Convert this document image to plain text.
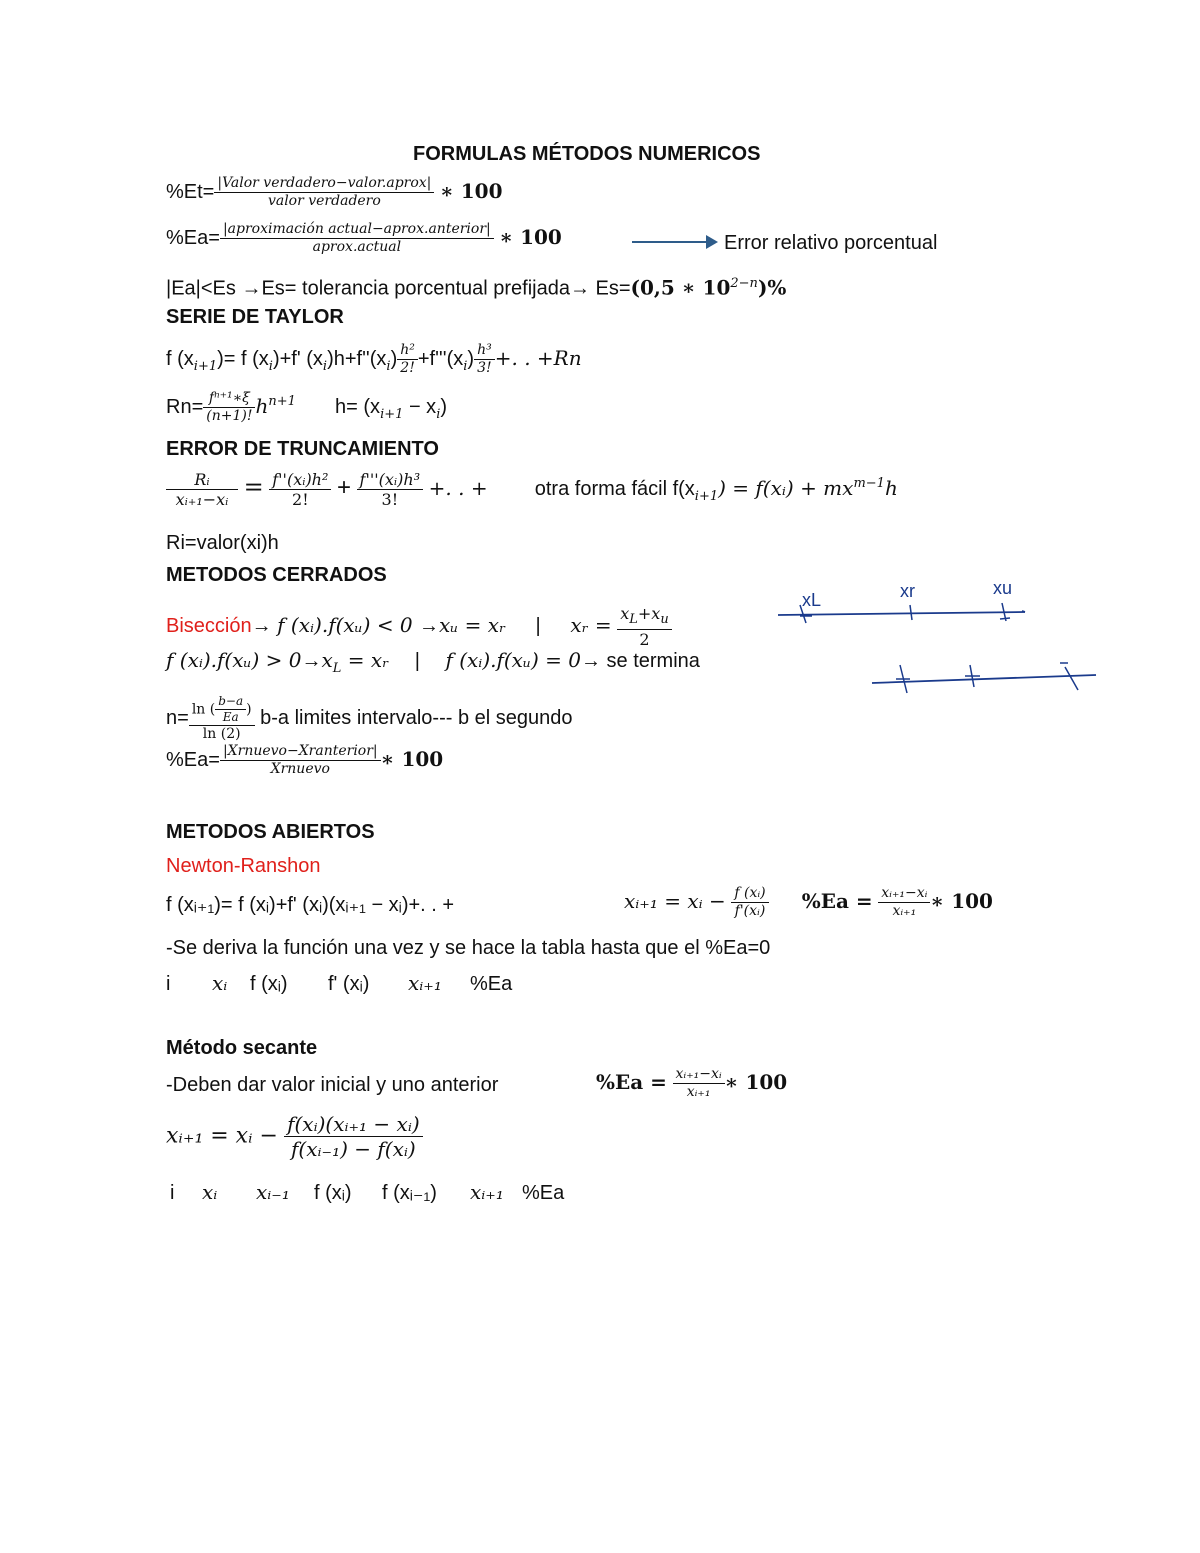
FORMULAS MÉTODOS NUMERICOS
$\%Et= \frac{\text{|Valor verdadero−valor.aprox|}}{\text{valor verdadero}}$ ∗ 100
$\%Ea= \frac{\text{|aproximación actual−aprox.anterior|}}{\text{aprox.actual}}$ ∗ 100	Error relativo porcentual
|Ea|<Es →Es= tolerancia porcentual prefijada→ Es=(0,5 ∗ $10^{2-n})\%$
SERIE DE TAYLOR
f $(x_{i+1})= f$ $(x_i)+f'$ $(x_i)h+f''(x_i) \frac{\text{h²}}{2!} +f'''(x_i) \frac{\text{h³}}{3!}$ +. . +Rn
$Rn= \frac{\text{fⁿ⁺¹∗ξ}}{(n+1)!} h^{n+1}$ $h= (x_{i+1} - x_i)$
ERROR DE TRUNCAMIENTO
$\frac{\text{Rᵢ}}{\text{xᵢ₊₁−xᵢ}} = \frac{\text{f''(xᵢ)h²}}{2!} + \frac{\text{f'''(xᵢ)h³}}{3!}$ +. . + otra forma fácil $f(x_{i+1})$ = f(xᵢ) + $mx^{m-1}h$
Ri=valor(xi)h
METODOS CERRADOS
Bisección→ f (xᵢ).f(xᵤ) < 0 →xᵤ = xᵣ | xᵣ = $\frac{x_L+x_u}{2}$
f (xᵢ).f(xᵤ) > $0\to x_L$ = xᵣ | f (xᵢ).f(xᵤ) = 0→ se termina
$n= \frac{\ln ( \frac{b-a}{Ea} )}{\ln (2)} b-a$ limites intervalo--- b el segundo
$\%Ea= \frac{\text{|Xrnuevo−Xranterior|}}{\text{Xrnuevo}}$ ∗ 100
xL	xr	xu
METODOS ABIERTOS
Newton-Ranshon
f (xᵢ₊₁)= f (xᵢ)+f' (xᵢ)(xᵢ₊₁ − xᵢ)+. . +	xᵢ₊₁ = xᵢ − $\frac{\text{f (xᵢ)}}{\text{f'(xᵢ)}} \%Ea = \frac{\text{xᵢ₊₁−xᵢ}}{\text{xᵢ₊₁}}$ ∗ 100
-Se deriva la función una vez y se hace la tabla hasta que el %Ea=0
i xᵢ f (xᵢ) f' (xᵢ) xᵢ₊₁ %Ea
Método secante
-Deben dar valor inicial y uno anterior	$\%Ea = \frac{\text{xᵢ₊₁−xᵢ}}{\text{xᵢ₊₁}}$ ∗ 100
xᵢ₊₁ = xᵢ − $\frac{\text{f(xᵢ)(xᵢ₊₁ − xᵢ)}}{\text{f(xᵢ₋₁) − f(xᵢ)}}$
i xᵢ xᵢ₋₁ f (xᵢ) f (xᵢ₋₁) xᵢ₊₁ %Ea
